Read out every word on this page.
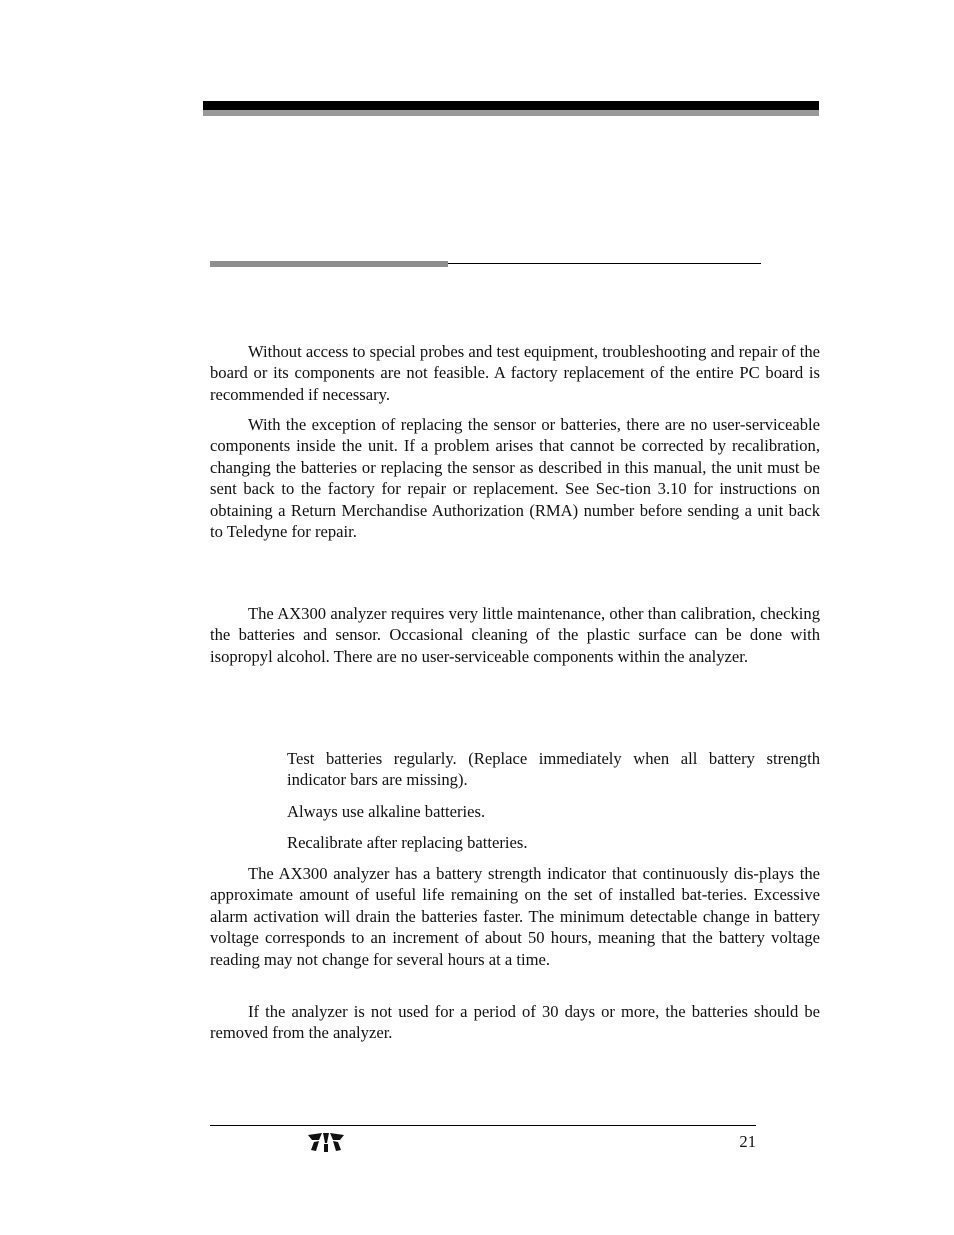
Without access to special probes and test equipment, troubleshooting and repair of the board or its components are not feasible. A factory replacement of the entire PC board is recommended if necessary.

With the exception of replacing the sensor or batteries, there are no user-serviceable components inside the unit. If a problem arises that cannot be corrected by recalibration, changing the batteries or replacing the sensor as described in this manual, the unit must be sent back to the factory for repair or replacement. See Sec-tion 3.10 for instructions on obtaining a Return Merchandise Authorization (RMA) number before sending a unit back to Teledyne for repair.

The AX300 analyzer requires very little maintenance, other than calibration, checking the batteries and sensor. Occasional cleaning of the plastic surface can be done with isopropyl alcohol. There are no user-serviceable components within the analyzer.

Test batteries regularly. (Replace immediately when all battery strength indicator bars are missing).

Always use alkaline batteries.

Recalibrate after replacing batteries.

The AX300 analyzer has a battery strength indicator that continuously dis-plays the approximate amount of useful life remaining on the set of installed bat-teries. Excessive alarm activation will drain the batteries faster. The minimum detectable change in battery voltage corresponds to an increment of about 50 hours, meaning that the battery voltage reading may not change for several hours at a time.

If the analyzer is not used for a period of 30 days or more, the batteries should be removed from the analyzer.

21
